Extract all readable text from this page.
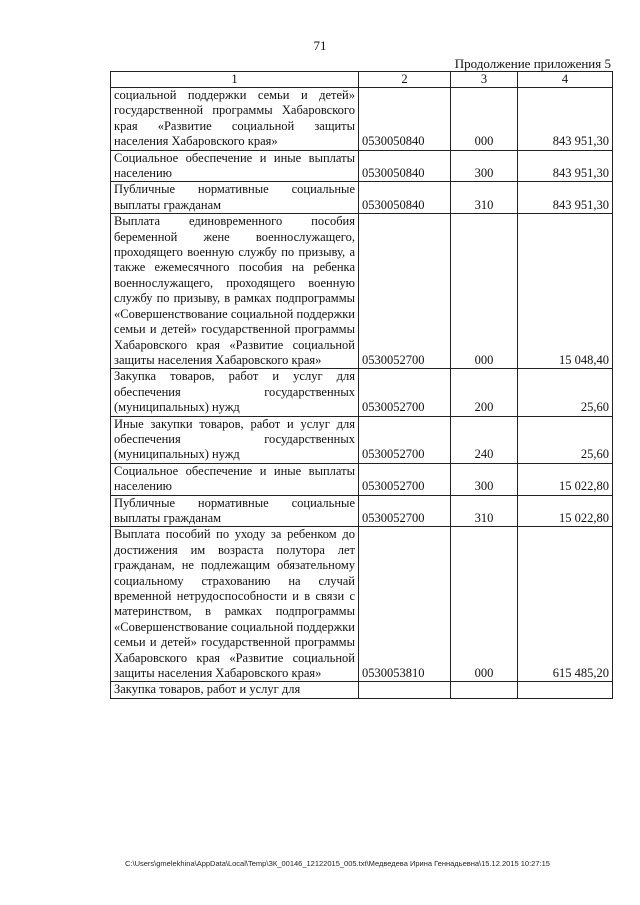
71
Продолжение приложения 5
1	2	3	4
социальной поддержки семьи и детей» государственной программы Хабаровского края «Развитие социальной защиты населения Хабаровского края»	0530050840	000	843 951,30
Социальное обеспечение и иные выплаты населению	0530050840	300	843 951,30
Публичные нормативные социальные выплаты гражданам	0530050840	310	843 951,30
Выплата единовременного пособия беременной жене военнослужащего, проходящего военную службу по призыву, а также ежемесячного пособия на ребенка военнослужащего, проходящего военную службу по призыву, в рамках подпрограммы «Совершенствование социальной поддержки семьи и детей» государственной программы Хабаровского края «Развитие социальной защиты населения Хабаровского края»	0530052700	000	15 048,40
Закупка товаров, работ и услуг для обеспечения государственных (муниципальных) нужд	0530052700	200	25,60
Иные закупки товаров, работ и услуг для обеспечения государственных (муниципальных) нужд	0530052700	240	25,60
Социальное обеспечение и иные выплаты населению	0530052700	300	15 022,80
Публичные нормативные социальные выплаты гражданам	0530052700	310	15 022,80
Выплата пособий по уходу за ребенком до достижения им возраста полутора лет гражданам, не подлежащим обязательному социальному страхованию на случай временной нетрудоспособности и в связи с материнством, в рамках подпрограммы «Совершенствование социальной поддержки семьи и детей» государственной программы Хабаровского края «Развитие социальной защиты населения Хабаровского края»	0530053810	000	615 485,20
Закупка товаров, работ и услуг для			
C:\Users\gmelekhina\AppData\Local\Temp\ЗК_00146_12122015_005.txt\Медведева Ирина Геннадьевна\15.12.2015 10:27:15
